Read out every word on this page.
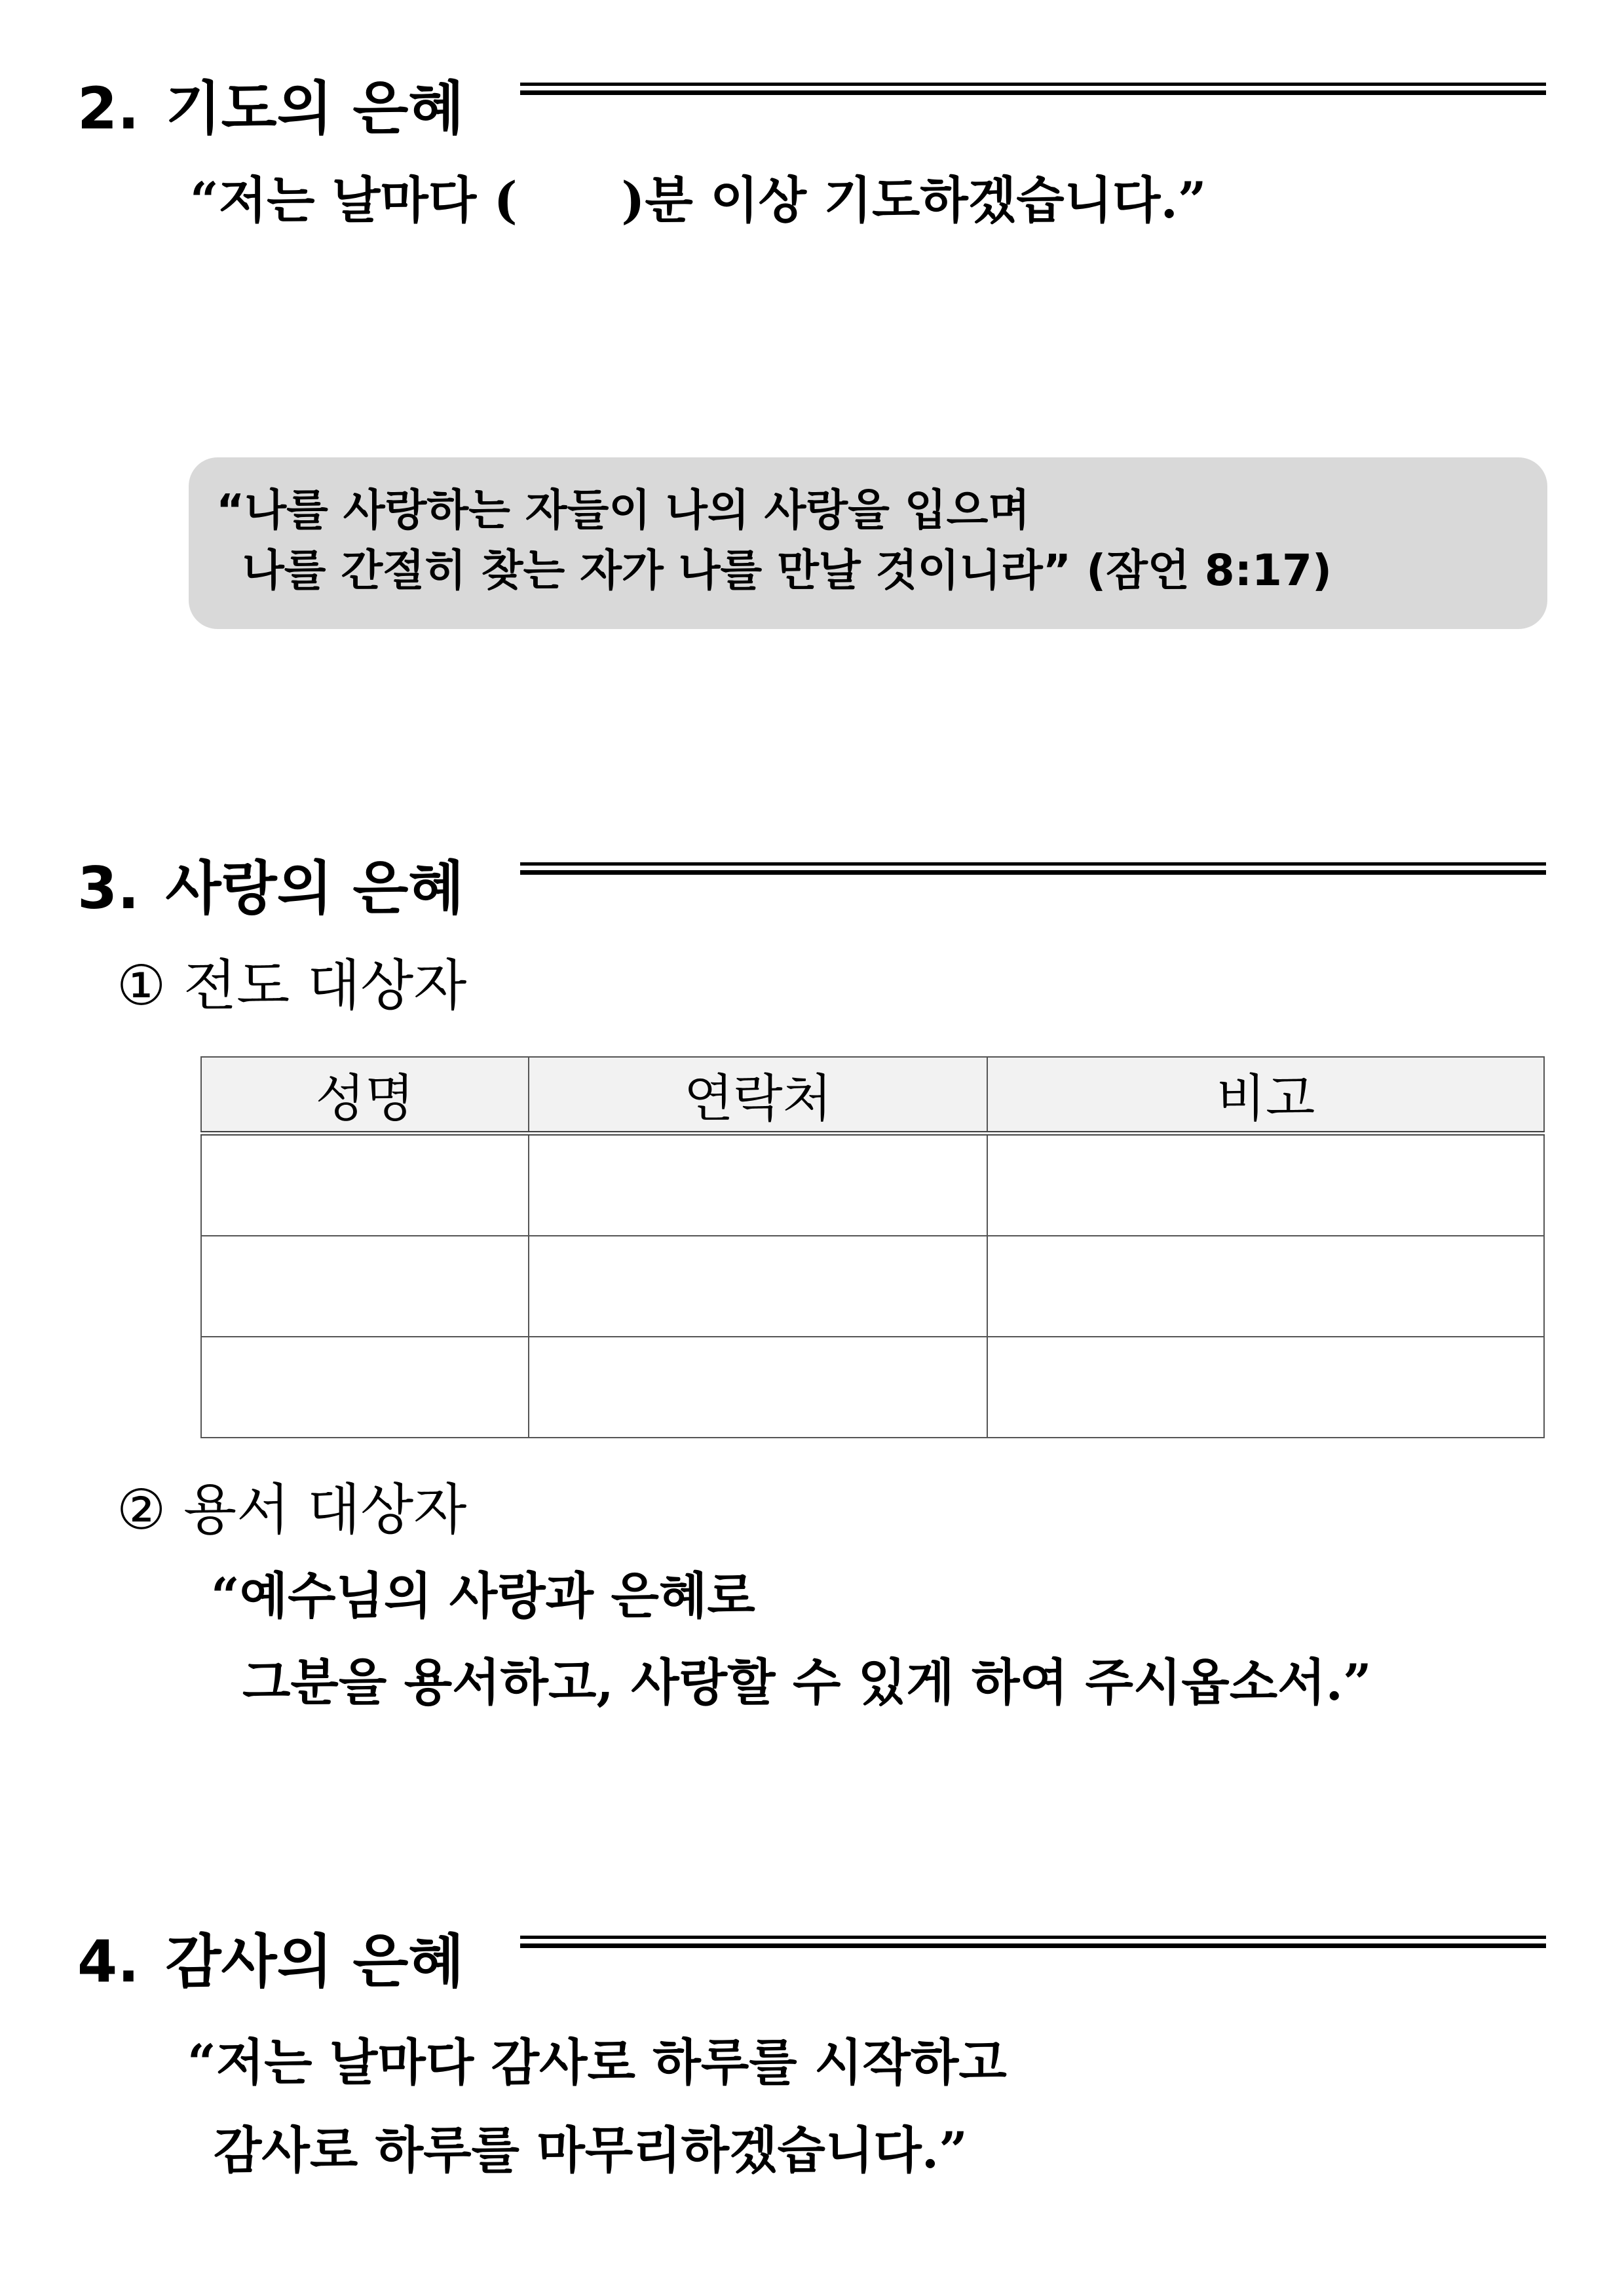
2. 기도의 은혜
“저는 날마다 (      )분 이상 기도하겠습니다.”
“나를 사랑하는 자들이 나의 사랑을 입으며
나를 간절히 찾는 자가 나를 만날 것이니라” (잠언 8:17)
3. 사랑의 은혜
① 전도 대상자
성명	연락처	비고

② 용서 대상자
“예수님의 사랑과 은혜로
그분을 용서하고, 사랑할 수 있게 하여 주시옵소서.”
4. 감사의 은혜
“저는 날마다 감사로 하루를 시작하고
감사로 하루를 마무리하겠습니다.”
